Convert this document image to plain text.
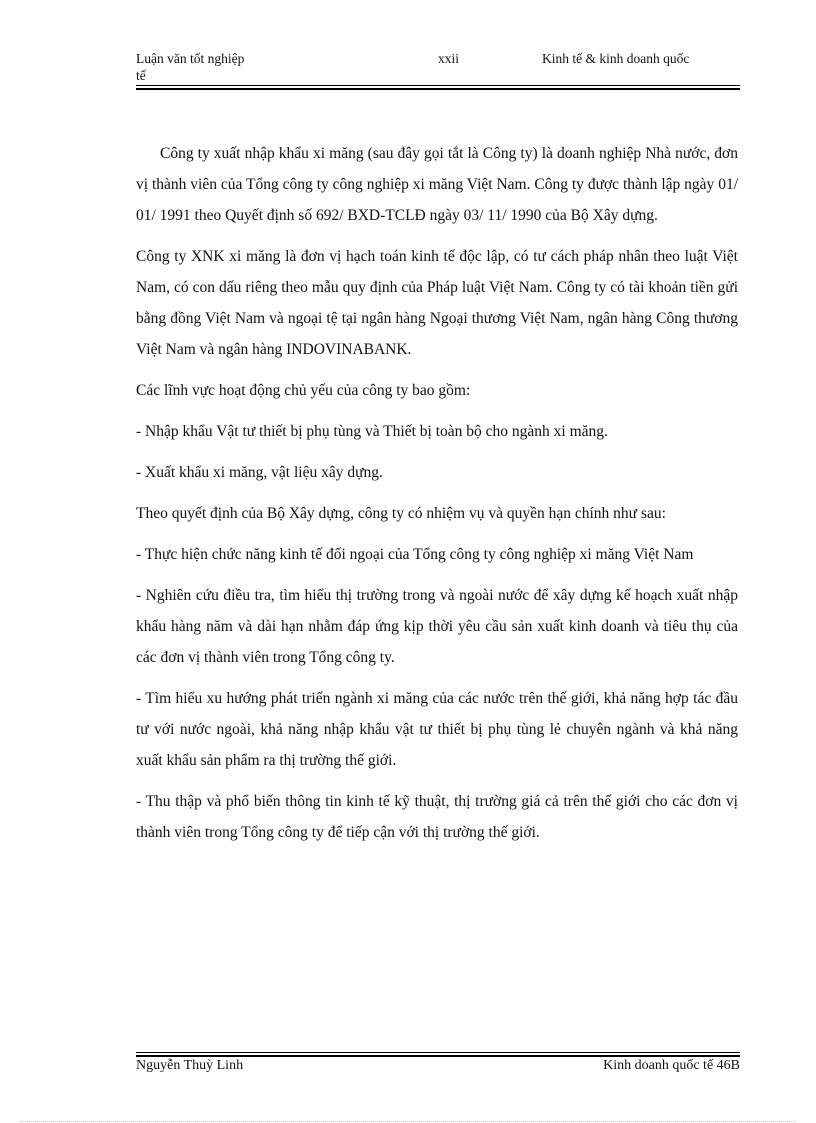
Luận văn tốt nghiệp
tế
xxii	Kinh tế & kinh doanh quốc

Công ty xuất nhập khẩu xi măng (sau đây gọi tắt là Công ty) là doanh nghiệp Nhà nước, đơn vị thành viên của Tổng công ty công nghiệp xi măng Việt Nam. Công ty được thành lập ngày 01/ 01/ 1991 theo Quyết định số 692/ BXD-TCLĐ ngày 03/ 11/ 1990 của Bộ Xây dựng.

Công ty XNK xi măng là đơn vị hạch toán kinh tế độc lập, có tư cách pháp nhân theo luật Việt Nam, có con dấu riêng theo mẫu quy định của Pháp luật Việt Nam. Công ty có tài khoản tiền gửi bằng đồng Việt Nam và ngoại tệ tại ngân hàng Ngoại thương Việt Nam, ngân hàng Công thương Việt Nam và ngân hàng INDOVINABANK.

Các lĩnh vực hoạt động chủ yếu của công ty bao gồm:

- Nhập khẩu Vật tư thiết bị phụ tùng và Thiết bị toàn bộ cho ngành xi măng.

- Xuất khẩu xi măng, vật liệu xây dựng.

Theo quyết định của Bộ Xây dựng, công ty có nhiệm vụ và quyền hạn chính như sau:

- Thực hiện chức năng kinh tế đối ngoại của Tổng công ty công nghiệp xi măng Việt Nam

- Nghiên cứu điều tra, tìm hiểu thị trường trong và ngoài nước để xây dựng kế hoạch xuất nhập khẩu hàng năm và dài hạn nhằm đáp ứng kịp thời yêu cầu sản xuất kinh doanh và tiêu thụ của các đơn vị thành viên trong Tổng công ty.

- Tìm hiểu xu hướng phát triển ngành xi măng của các nước trên thế giới, khả năng hợp tác đầu tư với nước ngoài, khả năng nhập khẩu vật tư thiết bị phụ tùng lẻ chuyên ngành và khả năng xuất khẩu sản phẩm ra thị trường thế giới.

- Thu thập và phổ biến thông tin kinh tế kỹ thuật, thị trường giá cả trên thế giới cho các đơn vị thành viên trong Tổng công ty để tiếp cận với thị trường thế giới.

Nguyễn Thuỳ Linh	Kinh doanh quốc tế 46B
